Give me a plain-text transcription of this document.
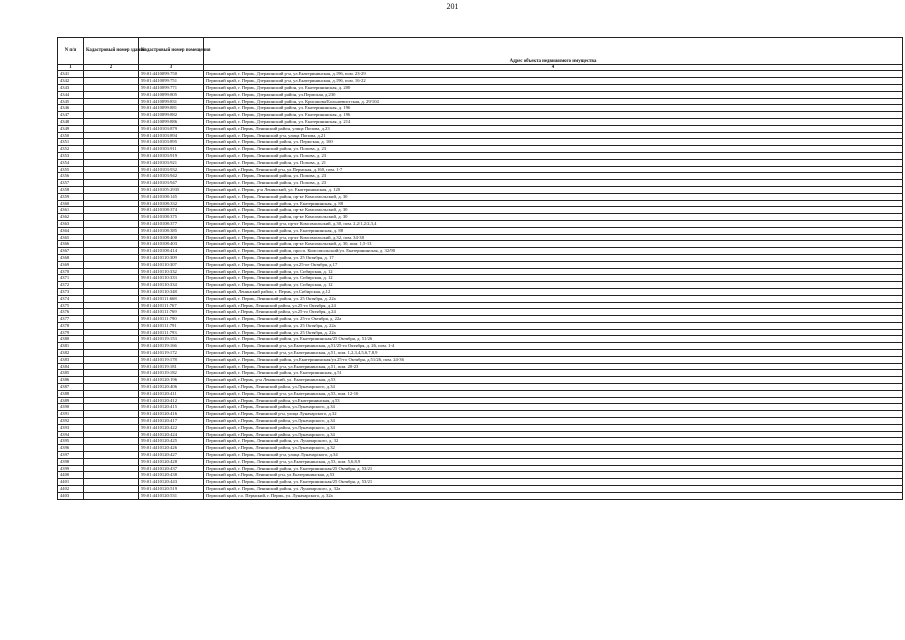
201
N п/п	Кадастровый номер здания	Кадастровый номер помещения	Адрес объекта недвижимого имущества
1	2	3	4
4341		59:01:4410099:750	Пермский край, г. Пермь, Дзержинский р-н, ул.Екатерининская, д.196, пом. 23-29
4342		59:01:4410099:751	Пермский край, г. Пермь, Дзержинский р-н, ул.Екатерининская, д.196, пом. 16-22
4343		59:01:4410099:771	Пермский край, г. Пермь, Дзержинский район, ул. Екатерининская, д. 200
4344		59:01:4410099:805	Пермский край, г. Пермь, Дзержинский район, ул.Пермская, д.230
4345		59:01:4410099:831	Пермский край, г. Пермь, Дзержинский район, ул. Крисанова/Большевистская, д. 29/104
4346		59:01:4410099:881	Пермский край, г. Пермь, Дзержинский район, ул. Екатерининская, д. 196
4347		59:01:4410099:882	Пермский край, г. Пермь, Дзержинский район, ул. Екатерининская, д. 196
4348		59:01:4410099:886	Пермский край, г. Пермь, Дзержинский район, ул. Екатерининская, д. 214
4349		59:01:4410103:879	Пермский край, г.Пермь, Ленинский район, улица Попова, д.23
4350		59:01:4410103:894	Пермский край, г. Пермь, Ленинский р-н, улица Попова, д.21
4351		59:01:4410103:895	Пермский край, г. Пермь, Ленинский район, ул. Пермская, д. 160
4352		59:01:4410103:911	Пермский край, г. Пермь, Ленинский район, ул. Попова, д. 23
4353		59:01:4410103:919	Пермский край, г. Пермь, Ленинский район, ул. Попова, д. 23
4354		59:01:4410103:921	Пермский край, г. Пермь, Ленинский район, ул. Попова, д. 21
4355		59:01:4410103:932	Пермский край, г.Пермь, Ленинский р-н, ул.Пермская, д.160, пом. 1-7
4356		59:01:4410103:942	Пермский край, г. Пермь, Ленинский район, ул. Попова, д. 23
4357		59:01:4410103:947	Пермский край, г. Пермь, Ленинский район, ул. Попова, д. 23
4358		59:01:4410105:2935	Пермский край, г. Пермь, р-н Ленинский, ул. Екатерининская, д. 120
4359		59:01:4410108:145	Пермский край, г. Пермь, Ленинский район, пр-кт Комсомольский, д. 30
4360		59:01:4410108:332	Пермский край, г. Пермь, Ленинский район, ул. Екатерининская, д. 88
4361		59:01:4410108:374	Пермский край, г. Пермь, Ленинский район, пр-кт Комсомольский, д. 30
4362		59:01:4410108:375	Пермский край, г. Пермь, Ленинский район, пр-кт Комсомольский, д. 30
4363		59:01:4410108:377	Пермский край, г. Пермь, Ленинский р-н, пр-кт Комсомольский, д.30, пом. 2,2/1,2/2,3,4
4364		59:01:4410108:385	Пермский край, г. Пермь, Ленинский район, ул. Екатерининская, д. 88
4365		59:01:4410108:400	Пермский край, г. Пермь, Ленинский р-н, пр-кт Комсомольский, д.32, пом. 34-38
4366		59:01:4410108:403	Пермский край, г. Пермь, Ленинский район, пр-кт Комсомольский, д. 30, пом. 1,5-13
4367		59:01:4410108:414	Пермский край, г. Пермь, Ленинский район, просп. Комсомольский/ул. Екатерининская, д. 32/90
4368		59:01:4410110:309	Пермский край, г. Пермь, Ленинский район, ул. 25 Октября, д. 17
4369		59:01:4410110:307	Пермский край, г. Пермь, Ленинский район, ул.25-ое Октября, д.17
4370		59:01:4410110:332	Пермский край, г. Пермь, Ленинский район, ул. Сибирская, д. 12
4371		59:01:4410110:333	Пермский край, г. Пермь, Ленинский район, ул. Сибирская, д. 12
4372		59:01:4410110:334	Пермский край, г. Пермь, Ленинский район, ул. Сибирская, д. 12
4373		59:01:4410110:348	Пермский край, Ленинский район, г. Пермь, ул.Сибирская, д.12
4374		59:01:4410111:668	Пермский край, г. Пермь, Ленинский район, ул. 25 Октября, д. 22а
4375		59:01:4410111:767	Пермский край, г.Пермь, Ленинский район, ул.25-го Октября, д.24
4376		59:01:4410111:769	Пермский край, г.Пермь, Ленинский район, ул.25-го Октября, д.24
4377		59:01:4410111:790	Пермский край, г. Пермь, Ленинский район, ул. 25-го Октября, д. 22а
4378		59:01:4410111:791	Пермский край, г. Пермь, Ленинский район, ул. 25 Октября, д. 22а
4379		59:01:4410111:793	Пермский край, г. Пермь, Ленинский район, ул. 25 Октября, д. 22а
4380		59:01:4410119:153	Пермский край, г. Пермь, Ленинский район, ул. Екатерининская/25 Октября, д. 51/26
4381		59:01:4410119:166	Пермский край, г. Пермь, Ленинский р-н, ул.Екатерининская, д.51/25-го Октября, д. 26, пом. 1-4
4382		59:01:4410119:172	Пермский край, г. Пермь, Ленинский р-н, ул.Екатерининская, д.51, пом. 1,2,3,4,5,6,7,8,9
4383		59:01:4410119:178	Пермский край, г. Пермь, Ленинский район, ул.Екатерининская/ул.25-го Октября, д.51/26, пом. 24-36
4384		59:01:4410119:181	Пермский край, г. Пермь, Ленинский р-н, ул.Екатерининская, д.51, пом. 20-23
4385		59:01:4410119:182	Пермский край, г. Пермь, Ленинский район, ул. Екатерининская, д.51
4386		59:01:4410120:196	Пермский край, г.Пермь, р-н Ленинский, ул. Екатерининская, д.53
4387		59:01:4410120:406	Пермский край, г.Пермь, Ленинский район, ул.Луначарского, д.34
4388		59:01:4410120:411	Пермский край, г. Пермь, Ленинский р-н, ул.Екатерининская, д.53, пом. 12-16
4389		59:01:4410120:412	Пермский край, г.Пермь, Ленинский район, ул.Екатерининская, д.53
4390		59:01:4410120:415	Пермский край, г.Пермь, Ленинский район, ул.Луначарского, д.34
4391		59:01:4410120:416	Пермский край, г.Пермь, Ленинский р-н, улица Луначарского, д.32
4392		59:01:4410120:417	Пермский край, г.Пермь, Ленинский район, ул.Луначарского, д.34
4393		59:01:4410120:422	Пермский край, г.Пермь, Ленинский район, ул.Луначарского, д.34
4394		59:01:4410120:424	Пермский край, г.Пермь, Ленинский район, ул.Луначарского, д.34
4395		59:01:4410120:425	Пермский край, г. Пермь, Ленинский район, ул. Луначарского, д. 32
4396		59:01:4410120:426	Пермский край, г.Пермь, Ленинский район, ул.Луначарского, д.32
4397		59:01:4410120:427	Пермский край, г. Пермь, Ленинский р-н, улица Луначарского, д.34
4398		59:01:4410120:428	Пермский край, г. Пермь, Ленинский р-н, ул.Екатерининская, д.53, пом. 5,6,8,9
4399		59:01:4410120:437	Пермский край, г. Пермь, Ленинский район, ул. Екатерининская/25 Октября, д. 53/21
4400		59:01:4410120:438	Пермский край, г.Пермь, Ленинский р-н, ул.Екатерининская, д.53
4401		59:01:4410120:443	Пермский край, г. Пермь, Ленинский район, ул. Екатерининская/25 Октября, д. 53/21
4402		59:01:4410120:519	Пермский край, г. Пермь, Ленинский район, ул. Луначарского, д. 32а
4403		59:01:4410120:531	Пермский край, г.о. Пермский, г. Пермь, ул. Луначарского, д. 32а
